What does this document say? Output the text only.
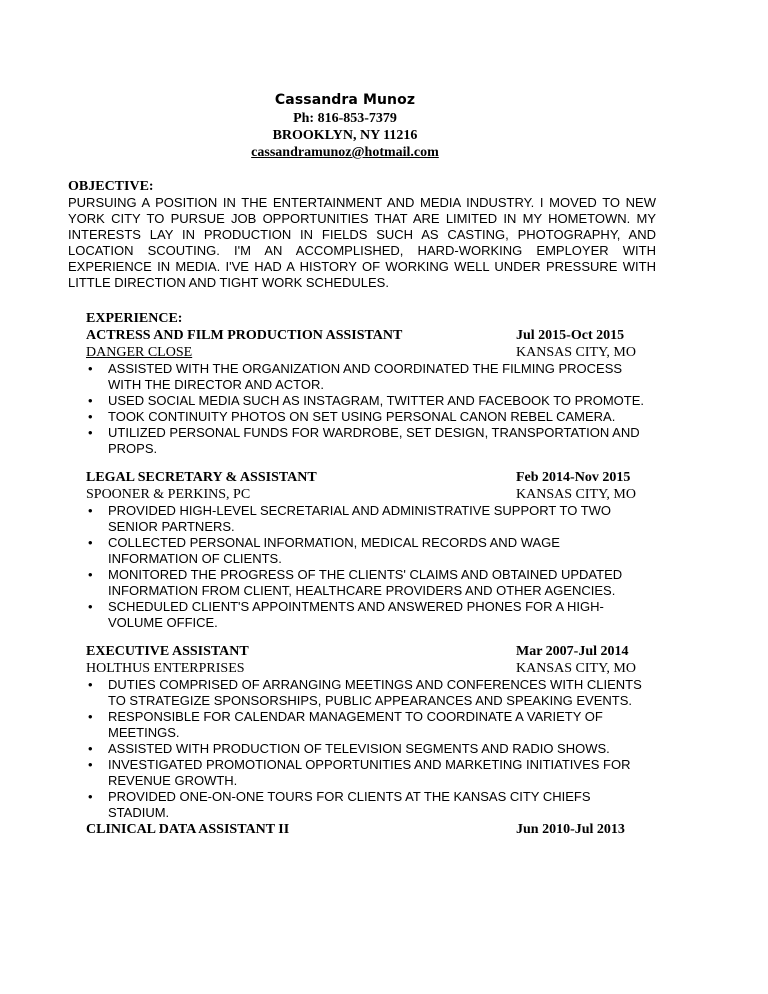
Cassandra Munoz
Ph: 816-853-7379
BROOKLYN, NY 11216
cassandramunoz@hotmail.com
OBJECTIVE:
PURSUING A POSITION IN THE ENTERTAINMENT AND MEDIA INDUSTRY. I MOVED TO NEW YORK CITY TO PURSUE JOB OPPORTUNITIES THAT ARE LIMITED IN MY HOMETOWN. MY INTERESTS LAY IN PRODUCTION IN FIELDS SUCH AS CASTING, PHOTOGRAPHY, AND LOCATION SCOUTING. I'M AN ACCOMPLISHED, HARD-WORKING EMPLOYER WITH EXPERIENCE IN MEDIA. I'VE HAD A HISTORY OF WORKING WELL UNDER PRESSURE WITH LITTLE DIRECTION AND TIGHT WORK SCHEDULES.
EXPERIENCE:
ACTRESS AND FILM PRODUCTION ASSISTANT	Jul 2015-Oct 2015
DANGER CLOSE	KANSAS CITY, MO
• ASSISTED WITH THE ORGANIZATION AND COORDINATED THE FILMING PROCESS WITH THE DIRECTOR AND ACTOR.
• USED SOCIAL MEDIA SUCH AS INSTAGRAM, TWITTER AND FACEBOOK TO PROMOTE.
• TOOK CONTINUITY PHOTOS ON SET USING PERSONAL CANON REBEL CAMERA.
• UTILIZED PERSONAL FUNDS FOR WARDROBE, SET DESIGN, TRANSPORTATION AND PROPS.
LEGAL SECRETARY & ASSISTANT	Feb 2014-Nov 2015
SPOONER & PERKINS, PC	KANSAS CITY, MO
• PROVIDED HIGH-LEVEL SECRETARIAL AND ADMINISTRATIVE SUPPORT TO TWO SENIOR PARTNERS.
• COLLECTED PERSONAL INFORMATION, MEDICAL RECORDS AND WAGE INFORMATION OF CLIENTS.
• MONITORED THE PROGRESS OF THE CLIENTS' CLAIMS AND OBTAINED UPDATED INFORMATION FROM CLIENT, HEALTHCARE PROVIDERS AND OTHER AGENCIES.
• SCHEDULED CLIENT'S APPOINTMENTS AND ANSWERED PHONES FOR A HIGH-VOLUME OFFICE.
EXECUTIVE ASSISTANT	Mar 2007-Jul 2014
HOLTHUS ENTERPRISES	KANSAS CITY, MO
• DUTIES COMPRISED OF ARRANGING MEETINGS AND CONFERENCES WITH CLIENTS TO STRATEGIZE SPONSORSHIPS, PUBLIC APPEARANCES AND SPEAKING EVENTS.
• RESPONSIBLE FOR CALENDAR MANAGEMENT TO COORDINATE A VARIETY OF MEETINGS.
• ASSISTED WITH PRODUCTION OF TELEVISION SEGMENTS AND RADIO SHOWS.
• INVESTIGATED PROMOTIONAL OPPORTUNITIES AND MARKETING INITIATIVES FOR REVENUE GROWTH.
• PROVIDED ONE-ON-ONE TOURS FOR CLIENTS AT THE KANSAS CITY CHIEFS STADIUM.
CLINICAL DATA ASSISTANT II	Jun 2010-Jul 2013
